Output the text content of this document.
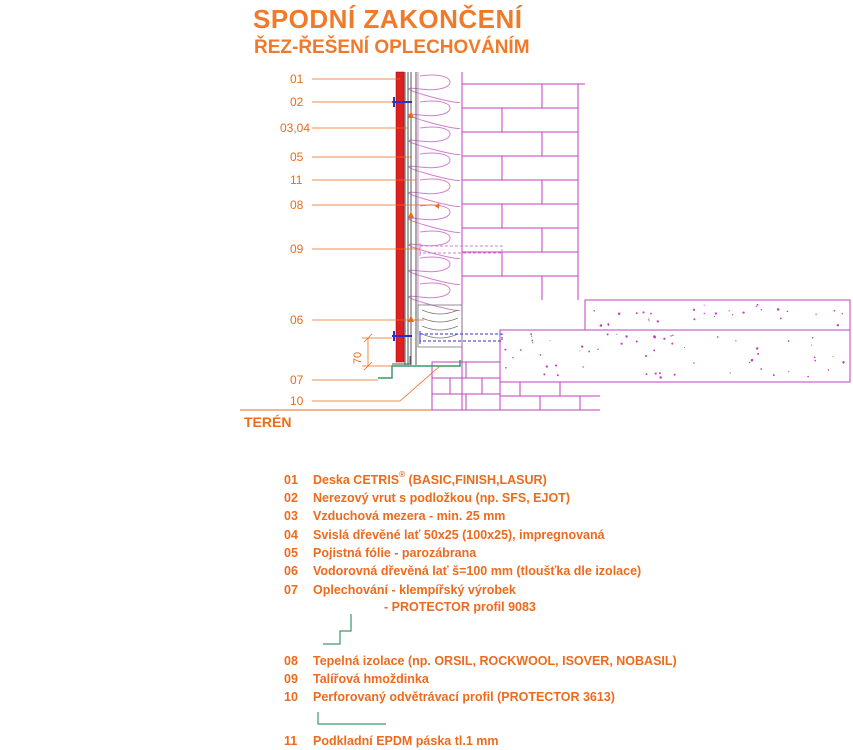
SPODNÍ ZAKONČENÍ
ŘEZ-ŘEŠENÍ OPLECHOVÁNÍM
70
01
02
03,04
05
11
08
09
06
07
10
TERÉN
01 Deska CETRIS® (BASIC,FINISH,LASUR)
02 Nerezový vrut s podložkou (np. SFS, EJOT)
03 Vzduchová mezera - min. 25 mm
04 Svislá dřevěné lať 50x25 (100x25), impregnovaná
05 Pojistná fólie - parozábrana
06 Vodorovná dřevěná lať š=100 mm (tloušťka dle izolace)
07 Oplechování - klempířský výrobek
- PROTECTOR profil 9083
08 Tepelná izolace (np. ORSIL, ROCKWOOL, ISOVER, NOBASIL)
09 Talířová hmoždinka
10 Perforovaný odvětrávací profil (PROTECTOR 3613)
11 Podkladní EPDM páska tl.1 mm
